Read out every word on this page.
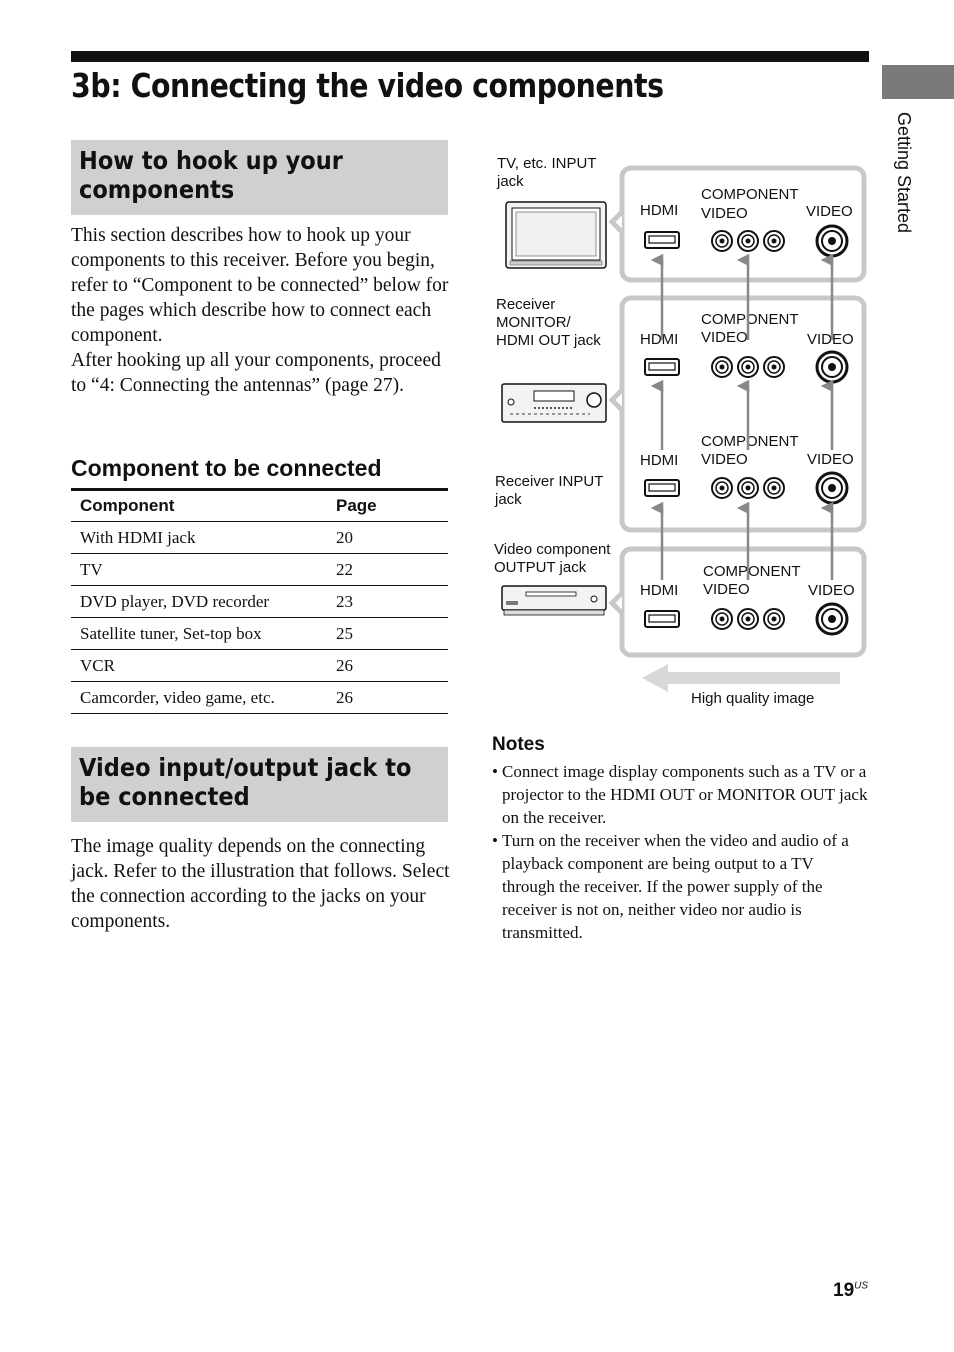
3b: Connecting the video components
Getting Started
How to hook up your components

This section describes how to hook up your components to this receiver. Before you begin, refer to “Component to be connected” below for the pages which describe how to connect each component.

After hooking up all your components, proceed to “4: Connecting the antennas” (page 27).

Component to be connected
Component	Page
With HDMI jack	20
TV	22
DVD player, DVD recorder	23
Satellite tuner, Set-top box	25
VCR	26
Camcorder, video game, etc.	26
Video input/output jack to be connected

The image quality depends on the connecting jack. Refer to the illustration that follows. Select the connection according to the jacks on your components.

TV, etc. INPUT jack
Receiver MONITOR/ HDMI OUT jack
Receiver INPUT jack
Video component OUTPUT jack
HDMI
COMPONENT
VIDEO	VIDEO
HDMI
COMPONENT
VIDEO	VIDEO
HDMI
COMPONENT
VIDEO	VIDEO
HDMI
COMPONENT
VIDEO	VIDEO
High quality image
Notes
• Connect image display components such as a TV or a projector to the HDMI OUT or MONITOR OUT jack on the receiver.
• Turn on the receiver when the video and audio of a playback component are being output to a TV through the receiver. If the power supply of the receiver is not on, neither video nor audio is transmitted.
$19^{US}$
